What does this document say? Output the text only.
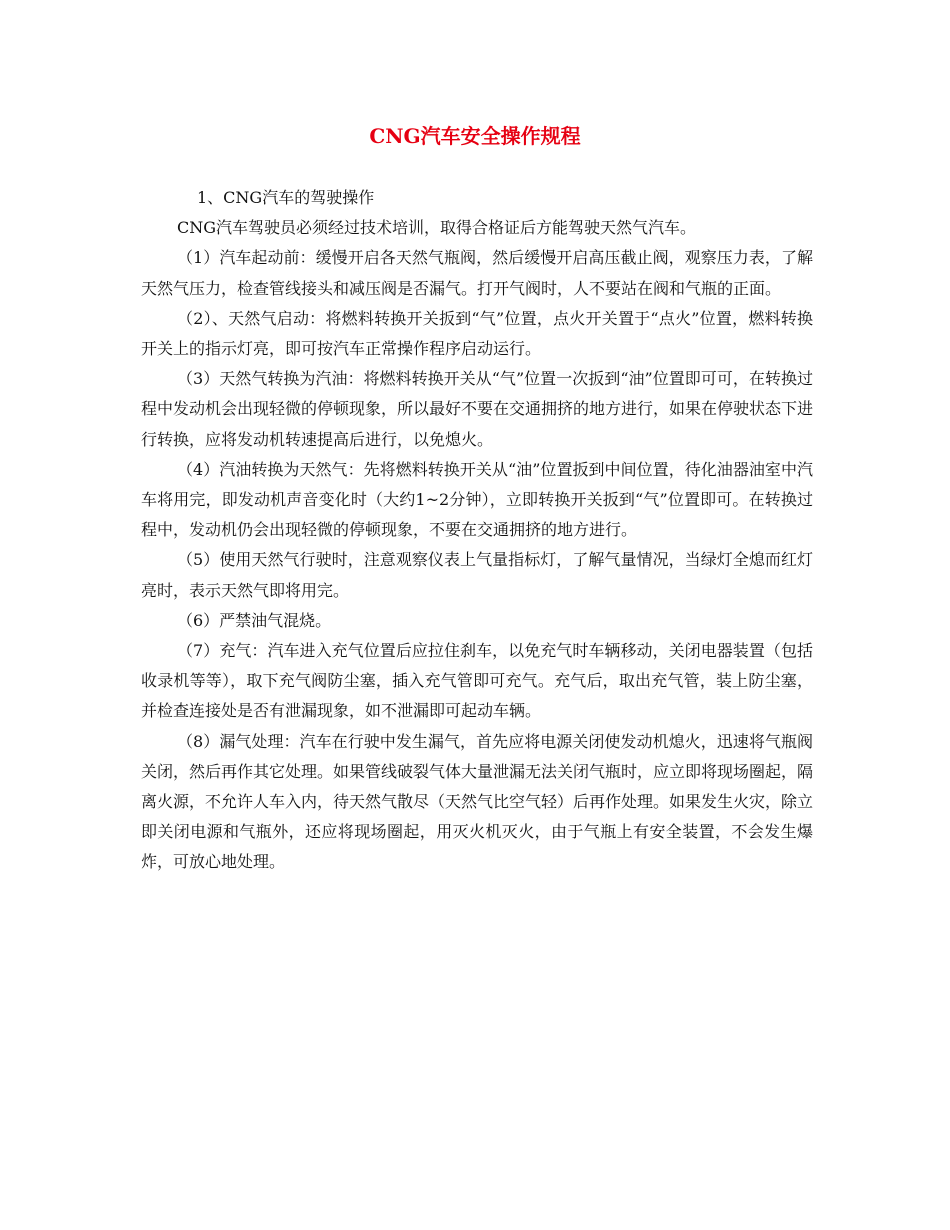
CNG汽车安全操作规程

1、CNG汽车的驾驶操作

CNG汽车驾驶员必须经过技术培训，取得合格证后方能驾驶天然气汽车。

（1）汽车起动前：缓慢开启各天然气瓶阀，然后缓慢开启高压截止阀，观察压力表，了解天然气压力，检查管线接头和减压阀是否漏气。打开气阀时，人不要站在阀和气瓶的正面。

（2）、天然气启动：将燃料转换开关扳到“气”位置，点火开关置于“点火”位置，燃料转换开关上的指示灯亮，即可按汽车正常操作程序启动运行。

（3）天然气转换为汽油：将燃料转换开关从“气”位置一次扳到“油”位置即可可，在转换过程中发动机会出现轻微的停顿现象，所以最好不要在交通拥挤的地方进行，如果在停驶状态下进行转换，应将发动机转速提高后进行，以免熄火。

（4）汽油转换为天然气：先将燃料转换开关从“油”位置扳到中间位置，待化油器油室中汽车将用完，即发动机声音变化时（大约1~2分钟），立即转换开关扳到“气”位置即可。在转换过程中，发动机仍会出现轻微的停顿现象，不要在交通拥挤的地方进行。

（5）使用天然气行驶时，注意观察仪表上气量指标灯，了解气量情况，当绿灯全熄而红灯亮时，表示天然气即将用完。

（6）严禁油气混烧。

（7）充气：汽车进入充气位置后应拉住刹车，以免充气时车辆移动，关闭电器装置（包括收录机等等），取下充气阀防尘塞，插入充气管即可充气。充气后，取出充气管，装上防尘塞，并检查连接处是否有泄漏现象，如不泄漏即可起动车辆。

（8）漏气处理：汽车在行驶中发生漏气，首先应将电源关闭使发动机熄火，迅速将气瓶阀关闭，然后再作其它处理。如果管线破裂气体大量泄漏无法关闭气瓶时，应立即将现场圈起，隔离火源，不允许人车入内，待天然气散尽（天然气比空气轻）后再作处理。如果发生火灾，除立即关闭电源和气瓶外，还应将现场圈起，用灭火机灭火，由于气瓶上有安全装置，不会发生爆炸，可放心地处理。
